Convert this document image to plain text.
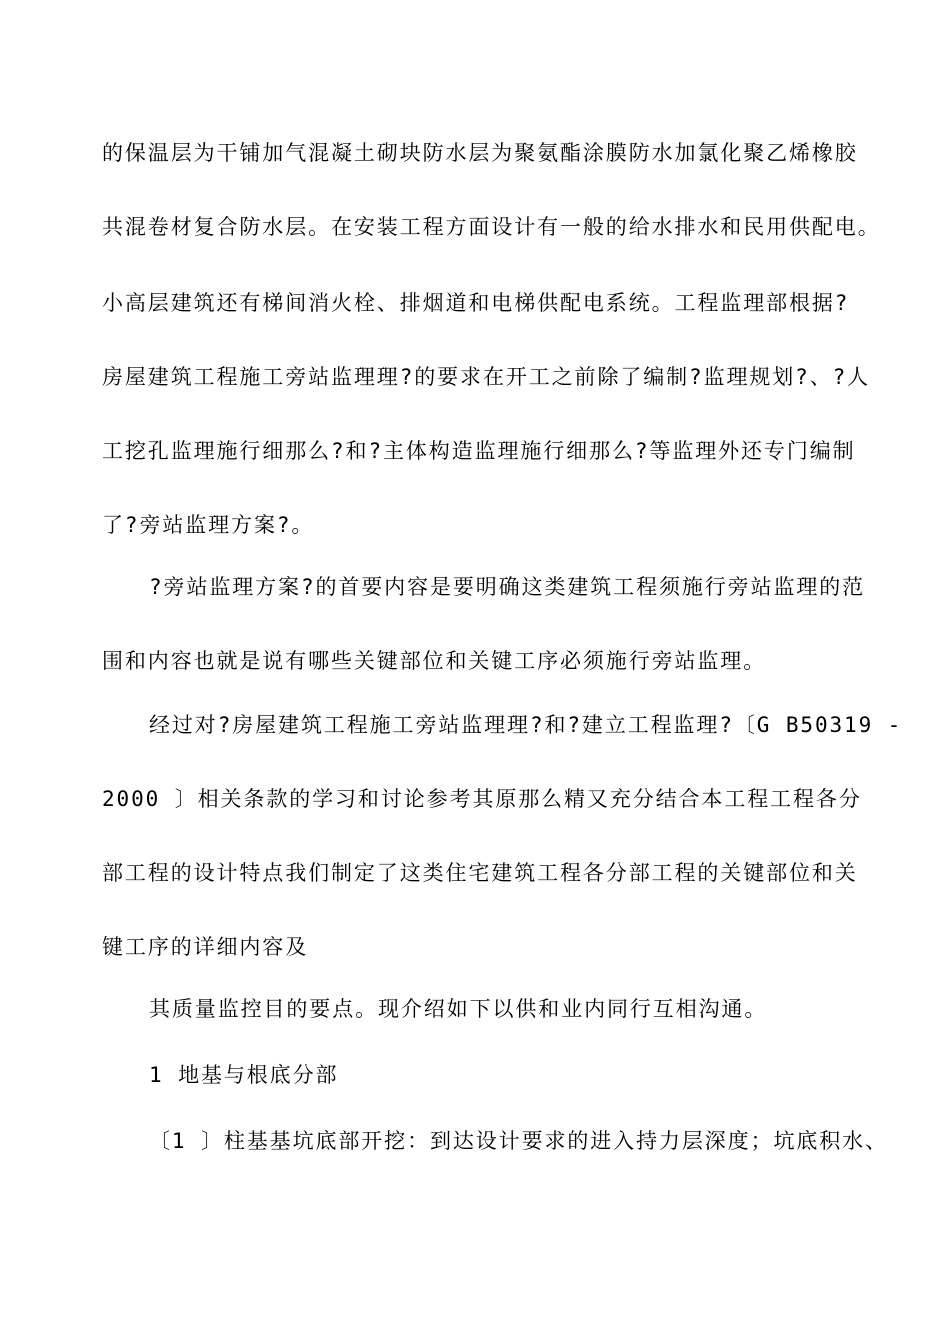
的保温层为干铺加气混凝土砌块防水层为聚氨酯涂膜防水加氯化聚乙烯橡胶
共混卷材复合防水层。在安装工程方面设计有一般的给水排水和民用供配电。
小高层建筑还有梯间消火栓、排烟道和电梯供配电系统。工程监理部根据?
房屋建筑工程施工旁站监理理?的要求在开工之前除了编制?监理规划?、?人
工挖孔监理施行细那么?和?主体构造监理施行细那么?等监理外还专门编制
了?旁站监理方案?。
?旁站监理方案?的首要内容是要明确这类建筑工程须施行旁站监理的范
围和内容也就是说有哪些关键部位和关键工序必须施行旁站监理。
经过对?房屋建筑工程施工旁站监理理?和?建立工程监理?〔G B50319 -
2000 〕相关条款的学习和讨论参考其原那么精又充分结合本工程工程各分
部工程的设计特点我们制定了这类住宅建筑工程各分部工程的关键部位和关
键工序的详细内容及
其质量监控目的要点。现介绍如下以供和业内同行互相沟通。
1 地基与根底分部
〔1 〕柱基基坑底部开挖：到达设计要求的进入持力层深度；坑底积水、
